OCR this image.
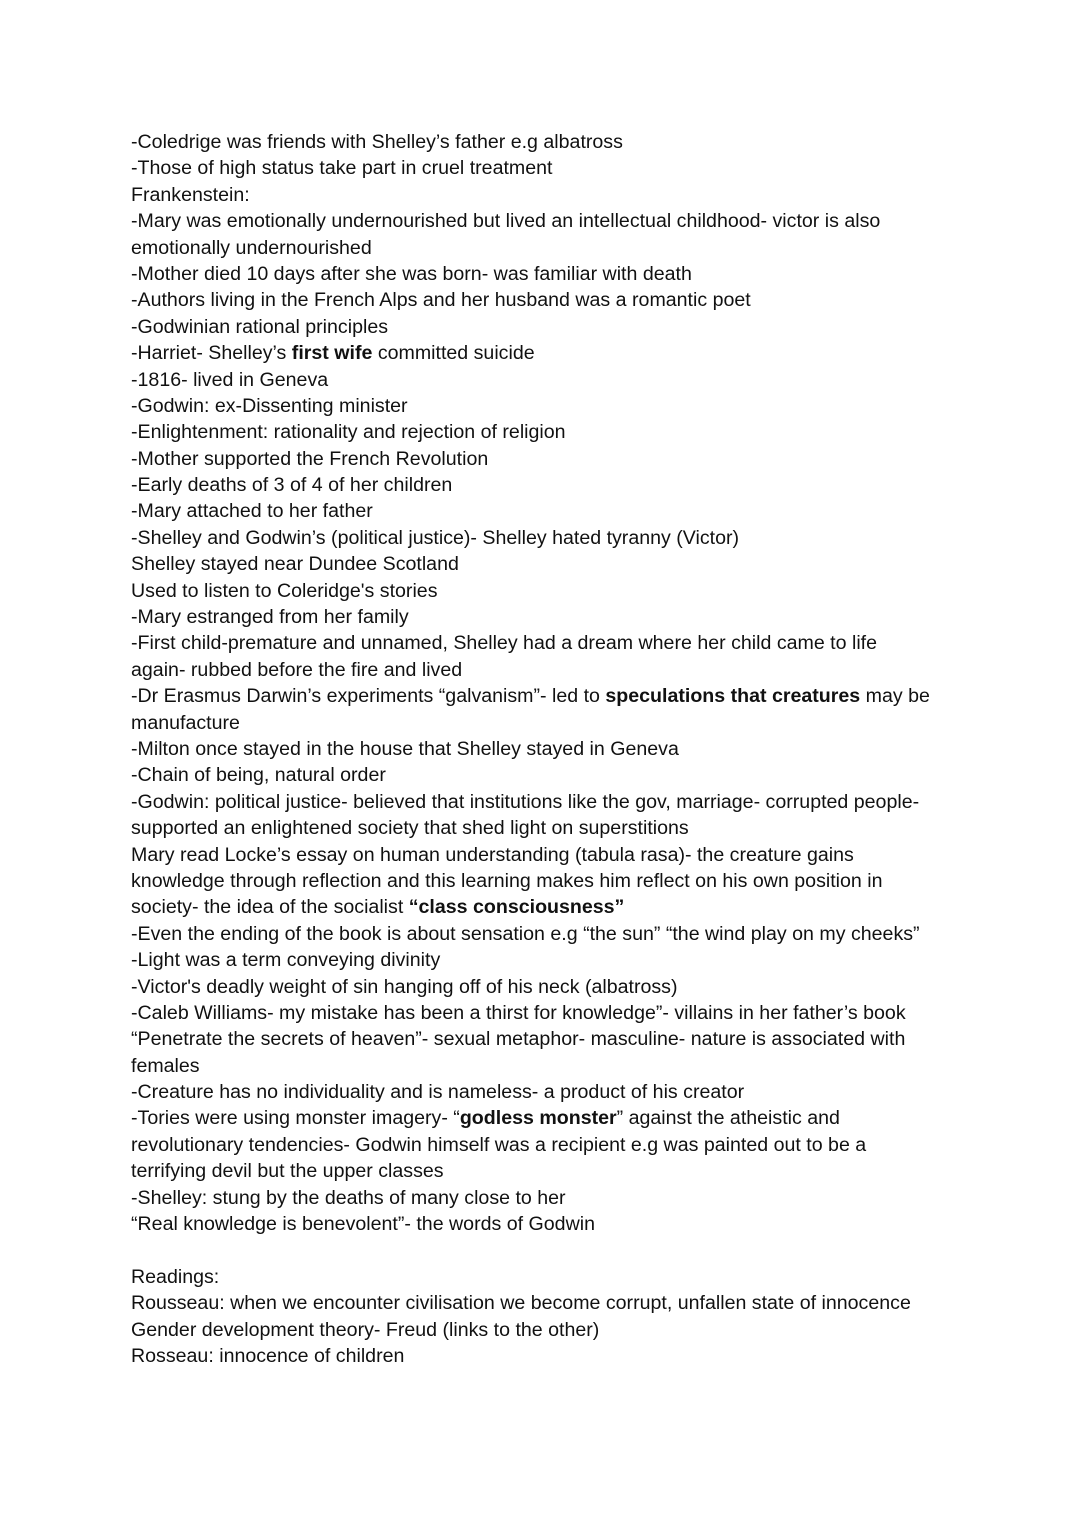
-Coledrige was friends with Shelley’s father e.g albatross
-Those of high status take part in cruel treatment
Frankenstein:
-Mary was emotionally undernourished but lived an intellectual childhood- victor is also
emotionally undernourished
-Mother died 10 days after she was born- was familiar with death
-Authors living in the French Alps and her husband was a romantic poet
-Godwinian rational principles
-Harriet- Shelley’s first wife committed suicide
-1816- lived in Geneva
-Godwin: ex-Dissenting minister
-Enlightenment: rationality and rejection of religion
-Mother supported the French Revolution
-Early deaths of 3 of 4 of her children
-Mary attached to her father
-Shelley and Godwin’s (political justice)- Shelley hated tyranny (Victor)
Shelley stayed near Dundee Scotland
Used to listen to Coleridge's stories
-Mary estranged from her family
-First child-premature and unnamed, Shelley had a dream where her child came to life
again- rubbed before the fire and lived
-Dr Erasmus Darwin’s experiments “galvanism”- led to speculations that creatures may be
manufacture
-Milton once stayed in the house that Shelley stayed in Geneva
-Chain of being, natural order
-Godwin: political justice- believed that institutions like the gov, marriage- corrupted people-
supported an enlightened society that shed light on superstitions
Mary read Locke’s essay on human understanding (tabula rasa)- the creature gains
knowledge through reflection and this learning makes him reflect on his own position in
society- the idea of the socialist “class consciousness”
-Even the ending of the book is about sensation e.g “the sun” “the wind play on my cheeks”
-Light was a term conveying divinity
-Victor's deadly weight of sin hanging off of his neck (albatross)
-Caleb Williams- my mistake has been a thirst for knowledge”- villains in her father’s book
“Penetrate the secrets of heaven”- sexual metaphor- masculine- nature is associated with
females
-Creature has no individuality and is nameless- a product of his creator
-Tories were using monster imagery- “godless monster” against the atheistic and
revolutionary tendencies- Godwin himself was a recipient e.g was painted out to be a
terrifying devil but the upper classes
-Shelley: stung by the deaths of many close to her
“Real knowledge is benevolent”- the words of Godwin
Readings:
Rousseau: when we encounter civilisation we become corrupt, unfallen state of innocence
Gender development theory- Freud (links to the other)
Rosseau: innocence of children
